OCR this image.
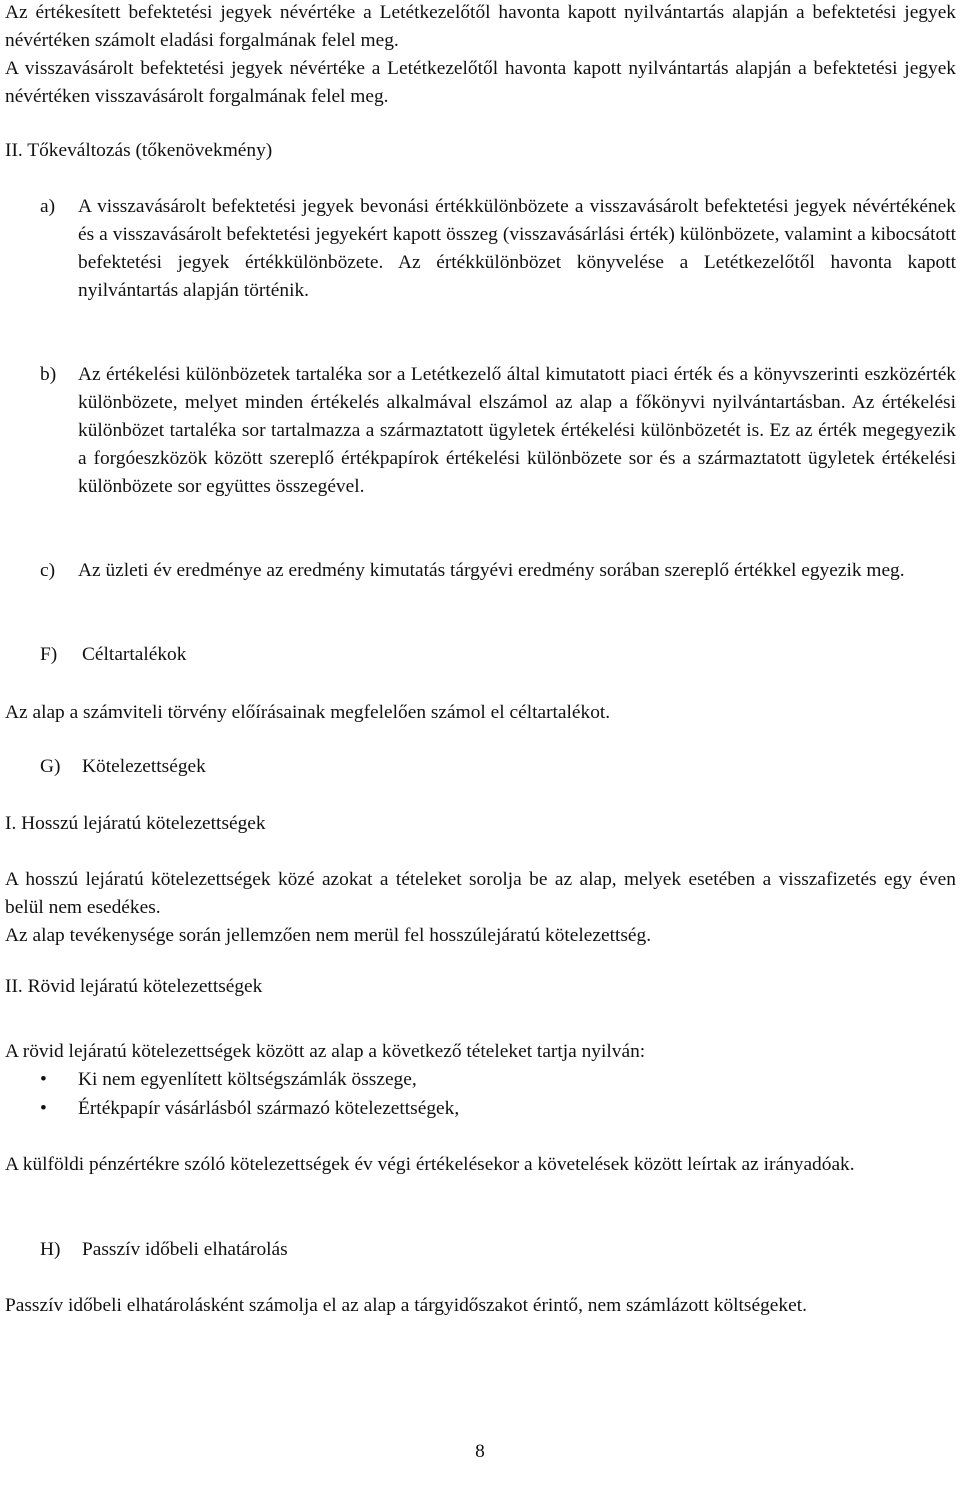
Az értékesített befektetési jegyek névértéke a Letétkezelőtől havonta kapott nyilvántartás alapján a befektetési jegyek névértéken számolt eladási forgalmának felel meg.

A visszavásárolt befektetési jegyek névértéke a Letétkezelőtől havonta kapott nyilvántartás alapján a befektetési jegyek névértéken visszavásárolt forgalmának felel meg.

II. Tőkeváltozás (tőkenövekmény)

a) A visszavásárolt befektetési jegyek bevonási értékkülönbözete a visszavásárolt befektetési jegyek névértékének és a visszavásárolt befektetési jegyekért kapott összeg (visszavásárlási érték) különbözete, valamint a kibocsátott befektetési jegyek értékkülönbözete. Az értékkülönbözet könyvelése a Letétkezelőtől havonta kapott nyilvántartás alapján történik.
b) Az értékelési különbözetek tartaléka sor a Letétkezelő által kimutatott piaci érték és a könyvszerinti eszközérték különbözete, melyet minden értékelés alkalmával elszámol az alap a főkönyvi nyilvántartásban. Az értékelési különbözet tartaléka sor tartalmazza a származtatott ügyletek értékelési különbözetét is. Ez az érték megegyezik a forgóeszközök között szereplő értékpapírok értékelési különbözete sor és a származtatott ügyletek értékelési különbözete sor együttes összegével.
c) Az üzleti év eredménye az eredmény kimutatás tárgyévi eredmény sorában szereplő értékkel egyezik meg.

F) Céltartalékok

Az alap a számviteli törvény előírásainak megfelelően számol el céltartalékot.

G) Kötelezettségek

I. Hosszú lejáratú kötelezettségek

A hosszú lejáratú kötelezettségek közé azokat a tételeket sorolja be az alap, melyek esetében a visszafizetés egy éven belül nem esedékes.

Az alap tevékenysége során jellemzően nem merül fel hosszúlejáratú kötelezettség.

II. Rövid lejáratú kötelezettségek

A rövid lejáratú kötelezettségek között az alap a következő tételeket tartja nyilván:

• Ki nem egyenlített költségszámlák összege,
• Értékpapír vásárlásból származó kötelezettségek,

A külföldi pénzértékre szóló kötelezettségek év végi értékelésekor a követelések között leírtak az irányadóak.

H) Passzív időbeli elhatárolás

Passzív időbeli elhatárolásként számolja el az alap a tárgyidőszakot érintő, nem számlázott költségeket.

8
